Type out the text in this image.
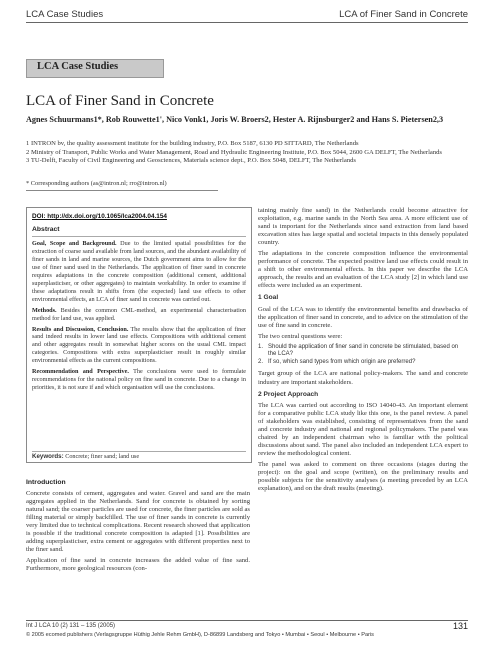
LCA Case Studies	LCA of Finer Sand in Concrete
LCA Case Studies
LCA of Finer Sand in Concrete
Agnes Schuurmans1*, Rob Rouwette1', Nico Vonk1, Joris W. Broers2, Hester A. Rijnsburger2 and Hans S. Pietersen2,3

1 INTRON bv, the quality assessment institute for the building industry, P.O. Box 5187, 6130 PD SITTARD, The Netherlands

2 Ministry of Transport, Public Works and Water Management, Road and Hydraulic Engineering Institute, P.O. Box 5044, 2600 GA DELFT, The Netherlands

3 TU-Delft, Faculty of Civil Engineering and Geosciences, Materials science dept., P.O. Box 5048, DELFT, The Netherlands

* Corresponding authors (as@intron.nl; rro@intron.nl)
DOI: http://dx.doi.org/10.1065/lca2004.04.154
Abstract

Goal, Scope and Background. Due to the limited spatial possibilities for the extraction of coarse sand available from land sources, and the abundant availability of finer sands in land and marine sources, the Dutch government aims to allow for the use of finer sand used in the Netherlands. The application of finer sand in concrete requires adaptations in the concrete composition (additional cement, additional superplasticiser, or other aggregates) to maintain workability. In order to examine if these adaptations result in shifts from (the expected) land use effects to other environmental effects, an LCA of finer sand in concrete was carried out.

Methods. Besides the common CML-method, an experimental characterisation method for land use, was applied.

Results and Discussion, Conclusion. The results show that the application of finer sand indeed results in lower land use effects. Compositions with additional cement and other aggregates result in somewhat higher scores on the usual CML impact categories. Compositions with extra superplasticiser result in roughly similar environmental effects as the current compositions.

Recommendation and Perspective. The conclusions were used to formulate recommendations for the national policy on fine sand in concrete. Due to a change in priorities, it is not sure if and which organisation will use the conclusions.

Keywords: Concrete; finer sand; land use
Introduction

Concrete consists of cement, aggregates and water. Gravel and sand are the main aggregates applied in the Netherlands. Sand for concrete is obtained by sorting natural sand; the coarser particles are used for concrete, the finer particles are sold as filling material or simply backfilled. The use of finer sands in concrete is currently very limited due to technical complications. Recent research showed that application is possible if the traditional concrete composition is adapted [1]. Possibilities are adding superplasticiser, extra cement or aggregates with different properties next to the finer sand.

Application of fine sand in concrete increases the added value of fine sand. Furthermore, more geological resources (con-

taining mainly fine sand) in the Netherlands could become attractive for exploitation, e.g. marine sands in the North Sea area. A more efficient use of sand is important for the Netherlands since sand extraction from land based excavation sites has large spatial and societal impacts in this densely populated country.

The adaptations in the concrete composition influence the environmental performance of concrete. The expected positive land use effects could result in a shift to other environmental effects. In this paper we describe the LCA approach, the results and an evaluation of the LCA study [2] in which land use effects were included as an experiment.

1 Goal

Goal of the LCA was to identify the environmental benefits and drawbacks of the application of finer sand in concrete, and to advice on the stimulation of the use of fine sand in concrete.

The two central questions were:

1. Should the application of finer sand in concrete be stimulated, based on the LCA?
2. If so, which sand types from which origin are preferred?

Target group of the LCA are national policy-makers. The sand and concrete industry are important stakeholders.

2 Project Approach

The LCA was carried out according to ISO 14040-43. An important element for a comparative public LCA study like this one, is the panel review. A panel of stakeholders was established, consisting of representatives from the sand and concrete industry and national and regional policymakers. The panel was chaired by an independent chairman who is familiar with the political discussions about sand. The panel also included an independent LCA expert to review the methodological content.

The panel was asked to comment on three occasions (stages during the project): on the goal and scope (written), on the preliminary results and possible subjects for the sensitivity analyses (a meeting preceded by an LCA explanation), and on the draft results (meeting).

Int J LCA 10 (2) 131 – 135 (2005)	131
© 2005 ecomed publishers (Verlagsgruppe Hüthig Jehle Rehm GmbH), D-86899 Landsberg and Tokyo • Mumbai • Seoul • Melbourne • Paris
